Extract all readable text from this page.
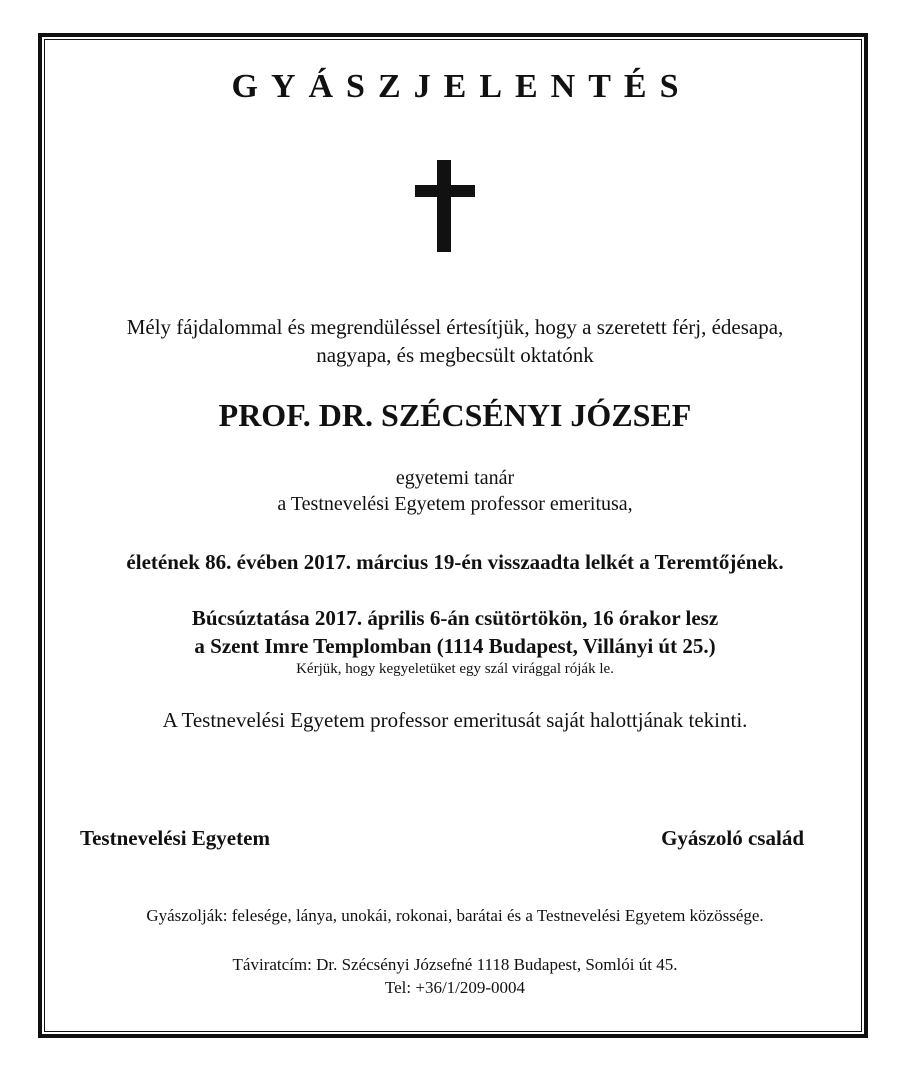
GYÁSZJELENTÉS
Mély fájdalommal és megrendüléssel értesítjük, hogy a szeretett férj, édesapa,
nagyapa, és megbecsült oktatónk
PROF. DR. SZÉCSÉNYI JÓZSEF
egyetemi tanár
a Testnevelési Egyetem professor emeritusa,
életének 86. évében 2017. március 19-én visszaadta lelkét a Teremtőjének.
Búcsúztatása 2017. április 6-án csütörtökön, 16 órakor lesz
a Szent Imre Templomban (1114 Budapest, Villányi út 25.)
Kérjük, hogy kegyeletüket egy szál virággal róják le.
A Testnevelési Egyetem professor emeritusát saját halottjának tekinti.
Testnevelési Egyetem	Gyászoló család
Gyászolják: felesége, lánya, unokái, rokonai, barátai és a Testnevelési Egyetem közössége.
Táviratcím: Dr. Szécsényi Józsefné 1118 Budapest, Somlói út 45.
Tel: +36/1/209-0004
